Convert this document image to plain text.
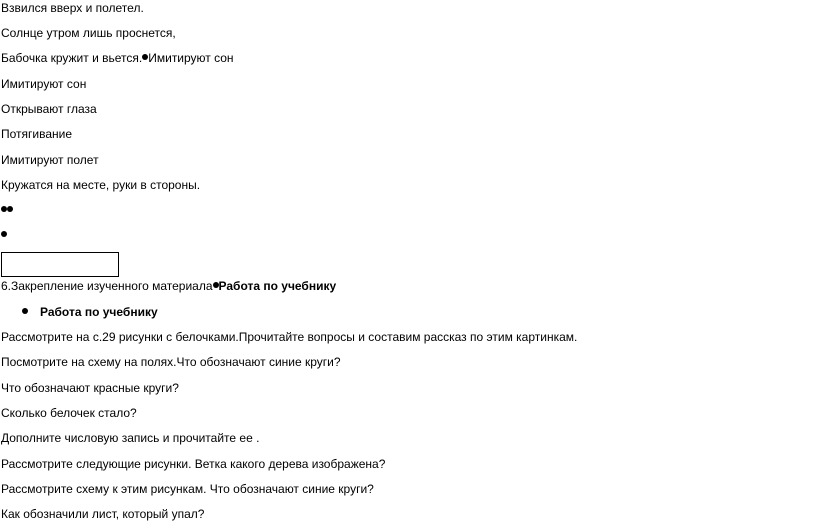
Взвился вверх и полетел.
Солнце утром лишь проснется,
Бабочка кружит и вьется. Имитируют сон
Имитируют сон
Открывают глаза
Потягивание
Имитируют полет
Кружатся на месте, руки в стороны.
6.Закрепление изученного материала Работа по учебнику
Работа по учебнику
Рассмотрите на с.29 рисунки с белочками.Прочитайте вопросы и составим рассказ по этим картинкам.
Посмотрите на схему на полях.Что обозначают синие круги?
Что обозначают красные круги?
Сколько белочек стало?
Дополните числовую запись и прочитайте ее .
Рассмотрите следующие рисунки. Ветка какого дерева изображена?
Рассмотрите схему к этим рисункам. Что обозначают синие круги?
Как обозначили лист, который упал?
